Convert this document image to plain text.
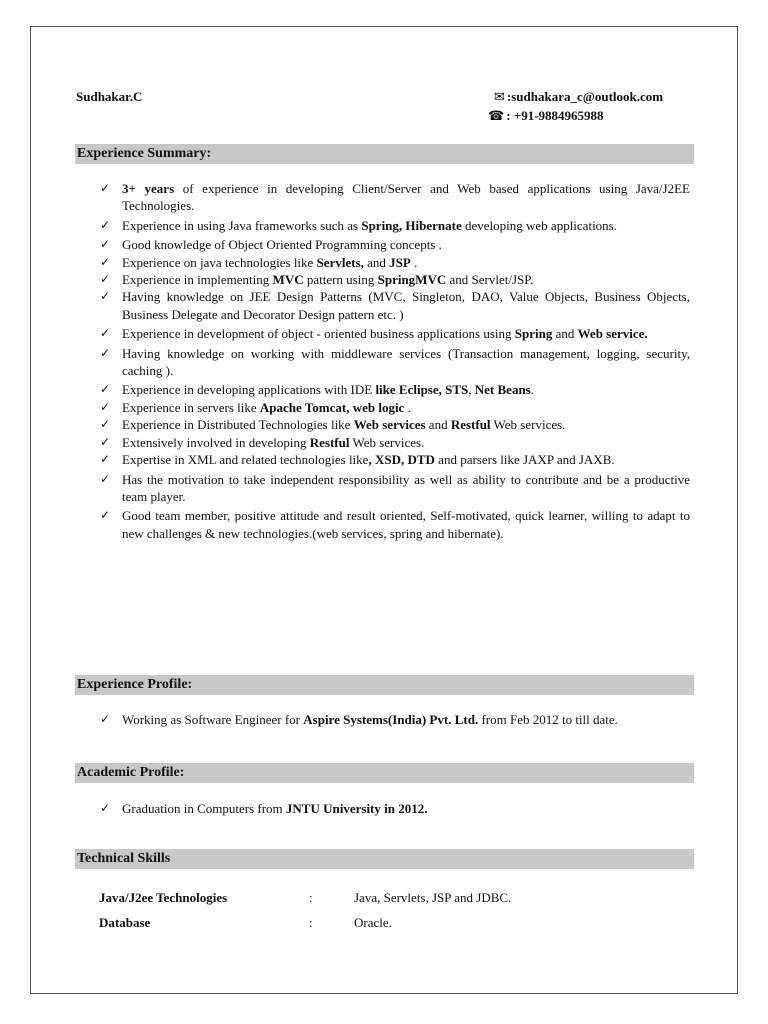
Sudhakar.C	✉ :sudhakara_c@outlook.com
☎ : +91-9884965988
Experience Summary:
✓ 3+ years of experience in developing Client/Server and Web based applications using Java/J2EE Technologies.
✓ Experience in using Java frameworks such as Spring, Hibernate developing web applications.
✓ Good knowledge of Object Oriented Programming concepts .
✓ Experience on java technologies like Servlets, and JSP .
✓ Experience in implementing MVC pattern using SpringMVC and Servlet/JSP.
✓ Having knowledge on JEE Design Patterns (MVC, Singleton, DAO, Value Objects, Business Objects, Business Delegate and Decorator Design pattern etc. )
✓ Experience in development of object - oriented business applications using Spring and Web service.
✓ Having knowledge on working with middleware services (Transaction management, logging, security, caching ).
✓ Experience in developing applications with IDE like Eclipse, STS, Net Beans.
✓ Experience in servers like Apache Tomcat, web logic .
✓ Experience in Distributed Technologies like Web services and Restful Web services.
✓ Extensively involved in developing Restful Web services.
✓ Expertise in XML and related technologies like, XSD, DTD and parsers like JAXP and JAXB.
✓ Has the motivation to take independent responsibility as well as ability to contribute and be a productive team player.
✓ Good team member, positive attitude and result oriented, Self-motivated, quick learner, willing to adapt to new challenges & new technologies.(web services, spring and hibernate).
Experience Profile:
✓ Working as Software Engineer for Aspire Systems(India) Pvt. Ltd. from Feb 2012 to till date.
Academic Profile:
✓ Graduation in Computers from JNTU University in 2012.
Technical Skills
Java/J2ee Technologies	:	Java, Servlets, JSP and JDBC.
Database	:	Oracle.
